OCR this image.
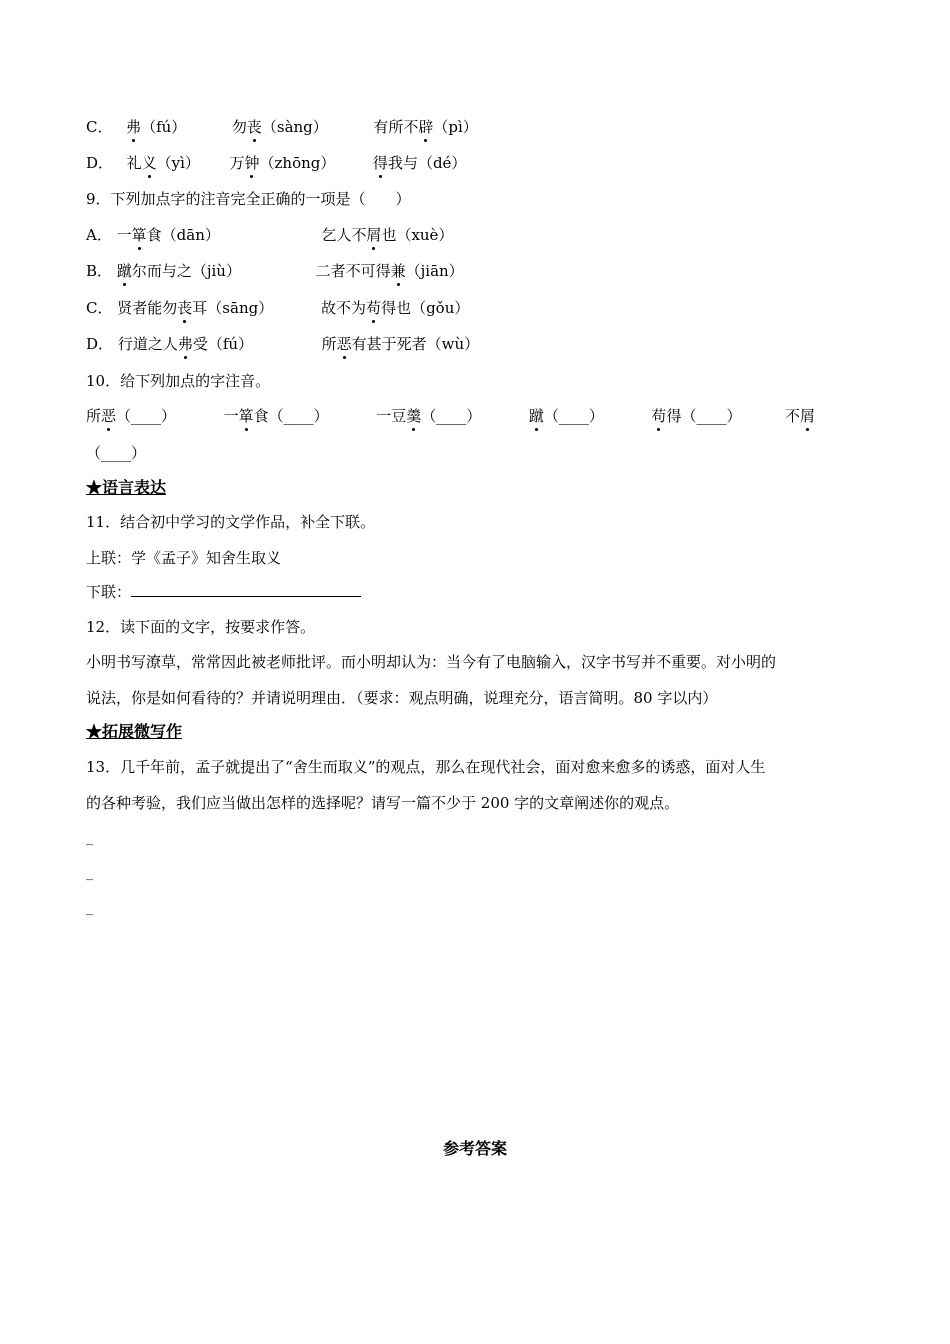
C． 弗（fú）	勿丧（sàng）	有所不辟（pì）
D． 礼义（yì） 万钟（zhōng）	得我与（dé）
9．下列加点字的注音完全正确的一项是（　　）
A． 一箪食（dān）	乞人不屑也（xuè）
B． 蹴尔而与之（jiù）	二者不可得兼（jiān）
C． 贤者能勿丧耳（sāng）	故不为苟得也（gǒu）
D． 行道之人弗受（fú）	所恶有甚于死者（wù）
10．给下列加点的字注音。
所恶（____）	一箪食（____）	一豆羹（____）	蹴（____）	苟得（____）	不屑
（____）
★语言表达
11．结合初中学习的文学作品，补全下联。
上联：学《孟子》知舍生取义
下联：
12．读下面的文字，按要求作答。
小明书写潦草，常常因此被老师批评。而小明却认为：当今有了电脑输入，汉字书写并不重要。对小明的
说法，你是如何看待的？并请说明理由．（要求：观点明确，说理充分，语言简明。80 字以内）
★拓展微写作
13．几千年前，孟子就提出了“舍生而取义”的观点，那么在现代社会，面对愈来愈多的诱惑，面对人生
的各种考验，我们应当做出怎样的选择呢？请写一篇不少于 200 字的文章阐述你的观点。
_
_
_
参考答案
